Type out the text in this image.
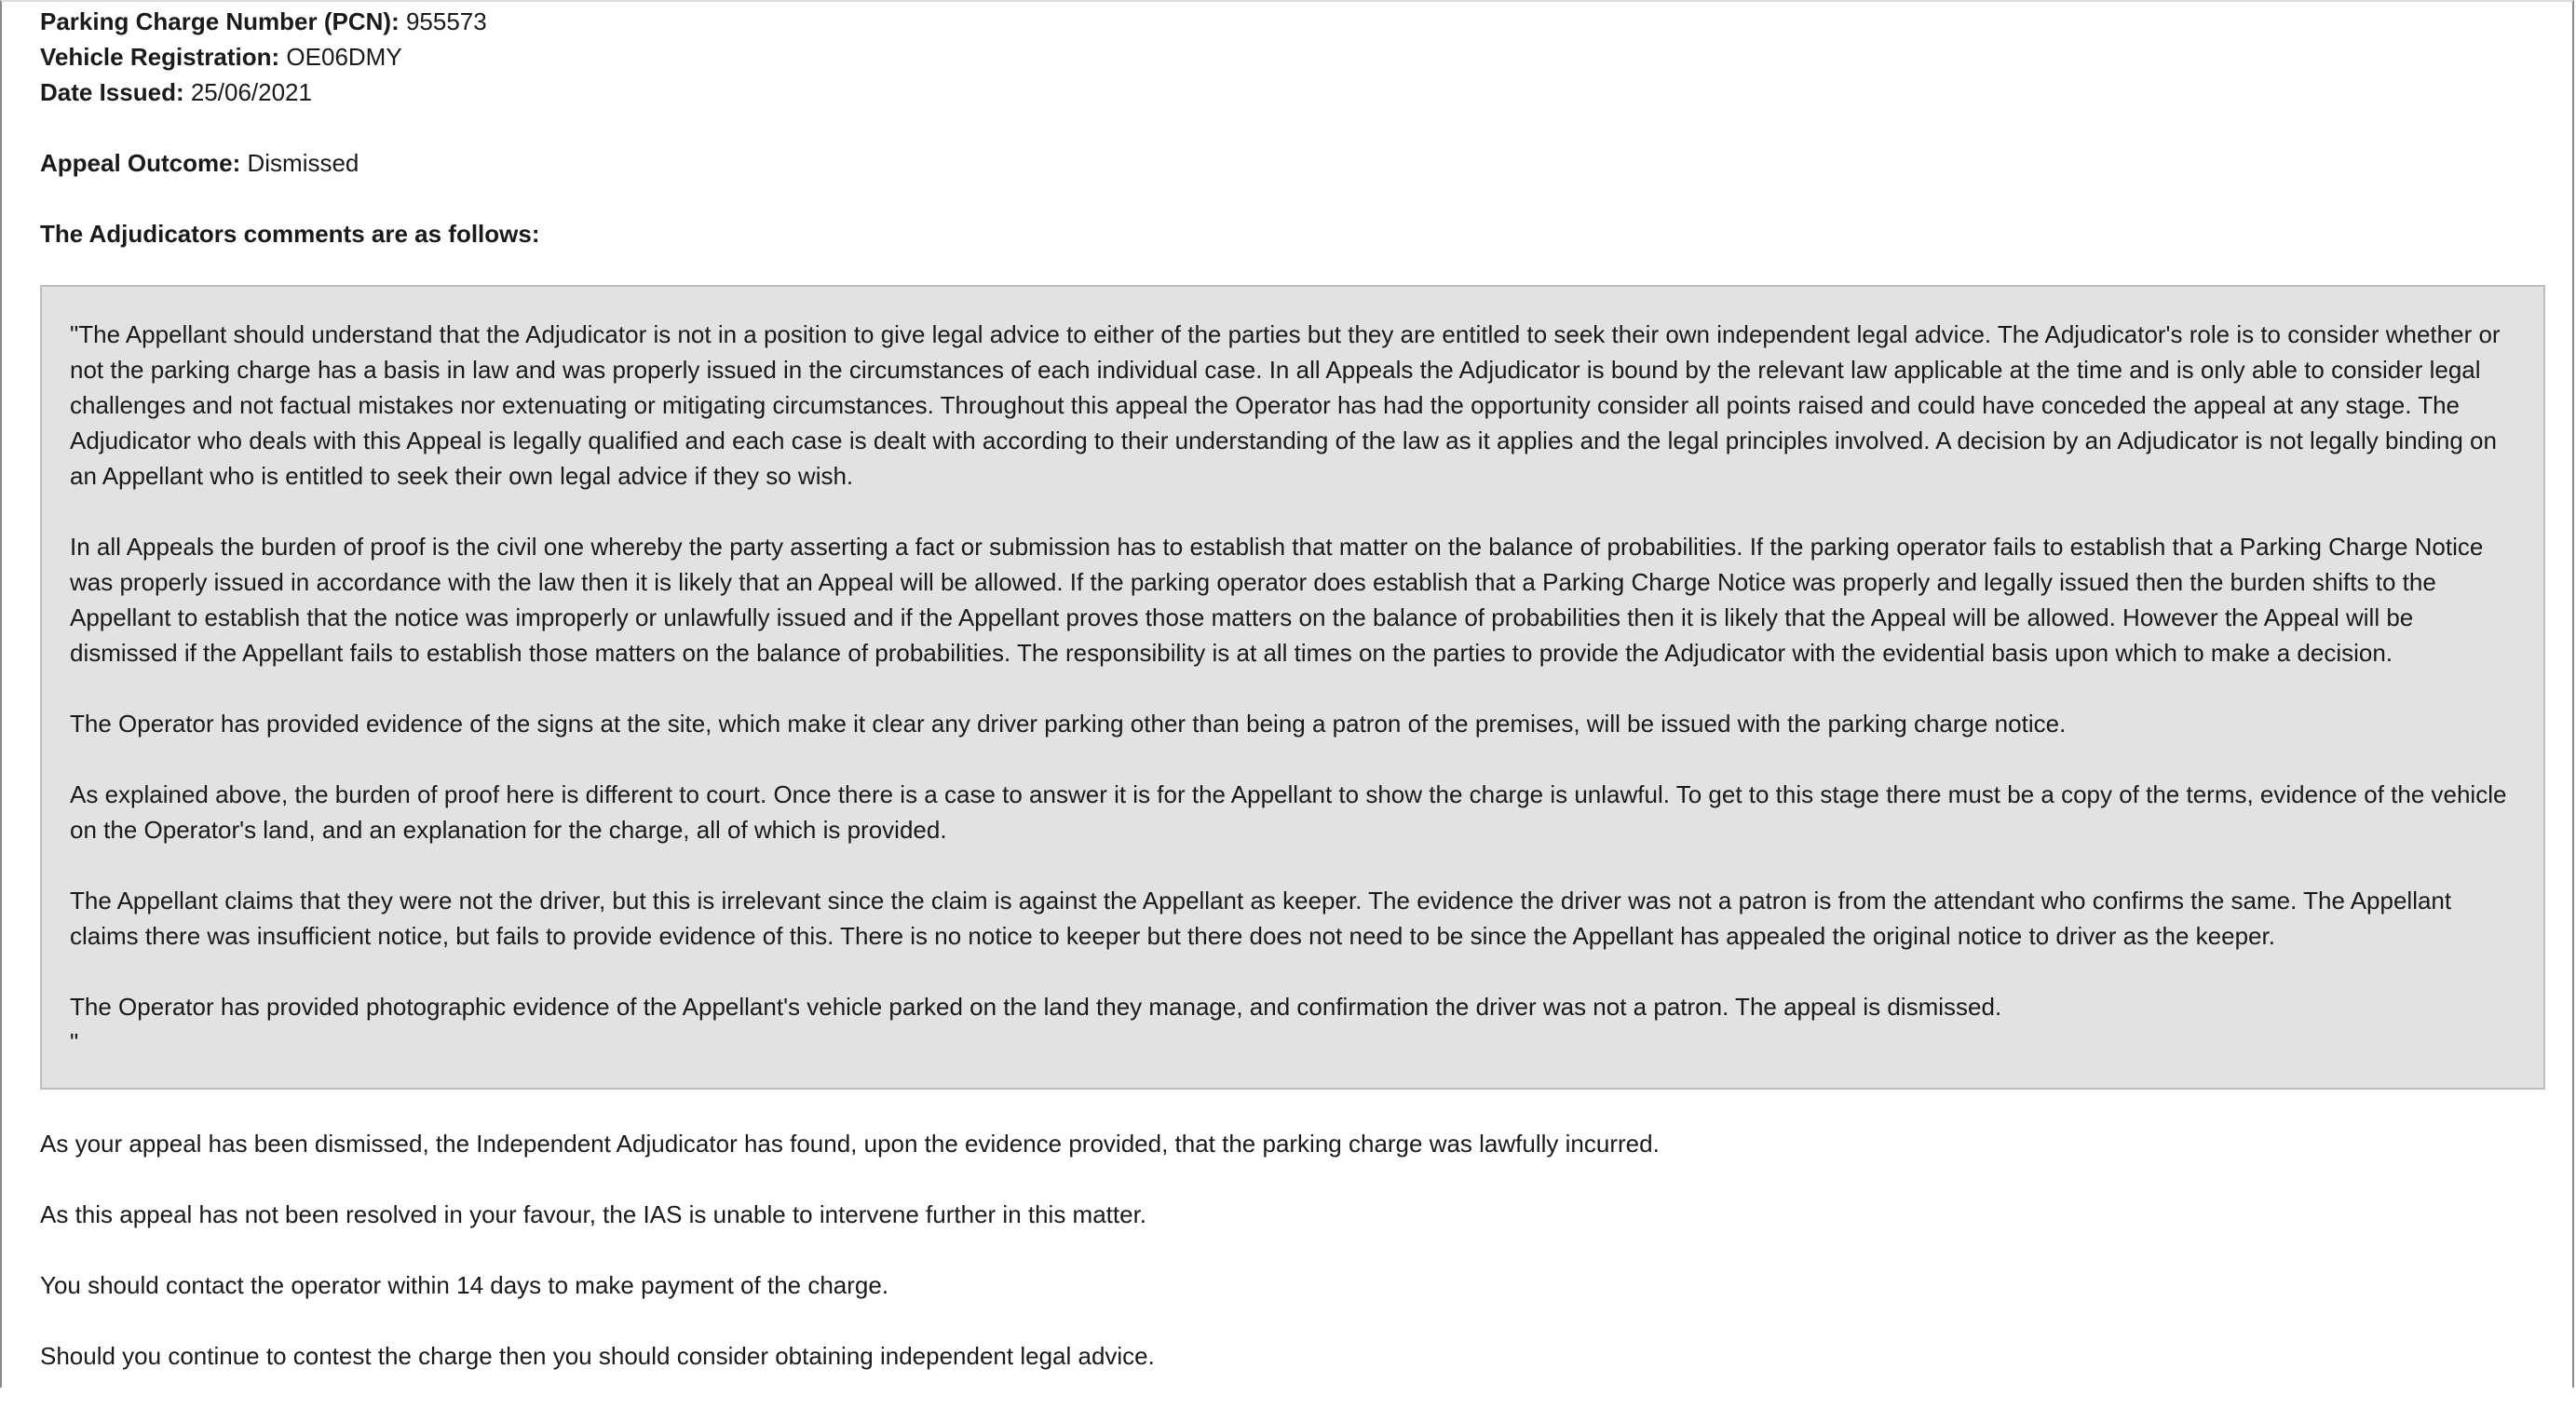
Parking Charge Number (PCN): 955573

Vehicle Registration: OE06DMY

Date Issued: 25/06/2021

Appeal Outcome: Dismissed

The Adjudicators comments are as follows:

"The Appellant should understand that the Adjudicator is not in a position to give legal advice to either of the parties but they are entitled to seek their own independent legal advice. The Adjudicator's role is to consider whether or not the parking charge has a basis in law and was properly issued in the circumstances of each individual case. In all Appeals the Adjudicator is bound by the relevant law applicable at the time and is only able to consider legal challenges and not factual mistakes nor extenuating or mitigating circumstances. Throughout this appeal the Operator has had the opportunity consider all points raised and could have conceded the appeal at any stage. The Adjudicator who deals with this Appeal is legally qualified and each case is dealt with according to their understanding of the law as it applies and the legal principles involved. A decision by an Adjudicator is not legally binding on an Appellant who is entitled to seek their own legal advice if they so wish.

In all Appeals the burden of proof is the civil one whereby the party asserting a fact or submission has to establish that matter on the balance of probabilities. If the parking operator fails to establish that a Parking Charge Notice was properly issued in accordance with the law then it is likely that an Appeal will be allowed. If the parking operator does establish that a Parking Charge Notice was properly and legally issued then the burden shifts to the Appellant to establish that the notice was improperly or unlawfully issued and if the Appellant proves those matters on the balance of probabilities then it is likely that the Appeal will be allowed. However the Appeal will be dismissed if the Appellant fails to establish those matters on the balance of probabilities. The responsibility is at all times on the parties to provide the Adjudicator with the evidential basis upon which to make a decision.

The Operator has provided evidence of the signs at the site, which make it clear any driver parking other than being a patron of the premises, will be issued with the parking charge notice.

As explained above, the burden of proof here is different to court. Once there is a case to answer it is for the Appellant to show the charge is unlawful. To get to this stage there must be a copy of the terms, evidence of the vehicle on the Operator's land, and an explanation for the charge, all of which is provided.

The Appellant claims that they were not the driver, but this is irrelevant since the claim is against the Appellant as keeper. The evidence the driver was not a patron is from the attendant who confirms the same. The Appellant claims there was insufficient notice, but fails to provide evidence of this. There is no notice to keeper but there does not need to be since the Appellant has appealed the original notice to driver as the keeper.

The Operator has provided photographic evidence of the Appellant's vehicle parked on the land they manage, and confirmation the driver was not a patron. The appeal is dismissed.
"

As your appeal has been dismissed, the Independent Adjudicator has found, upon the evidence provided, that the parking charge was lawfully incurred.

As this appeal has not been resolved in your favour, the IAS is unable to intervene further in this matter.

You should contact the operator within 14 days to make payment of the charge.

Should you continue to contest the charge then you should consider obtaining independent legal advice.
